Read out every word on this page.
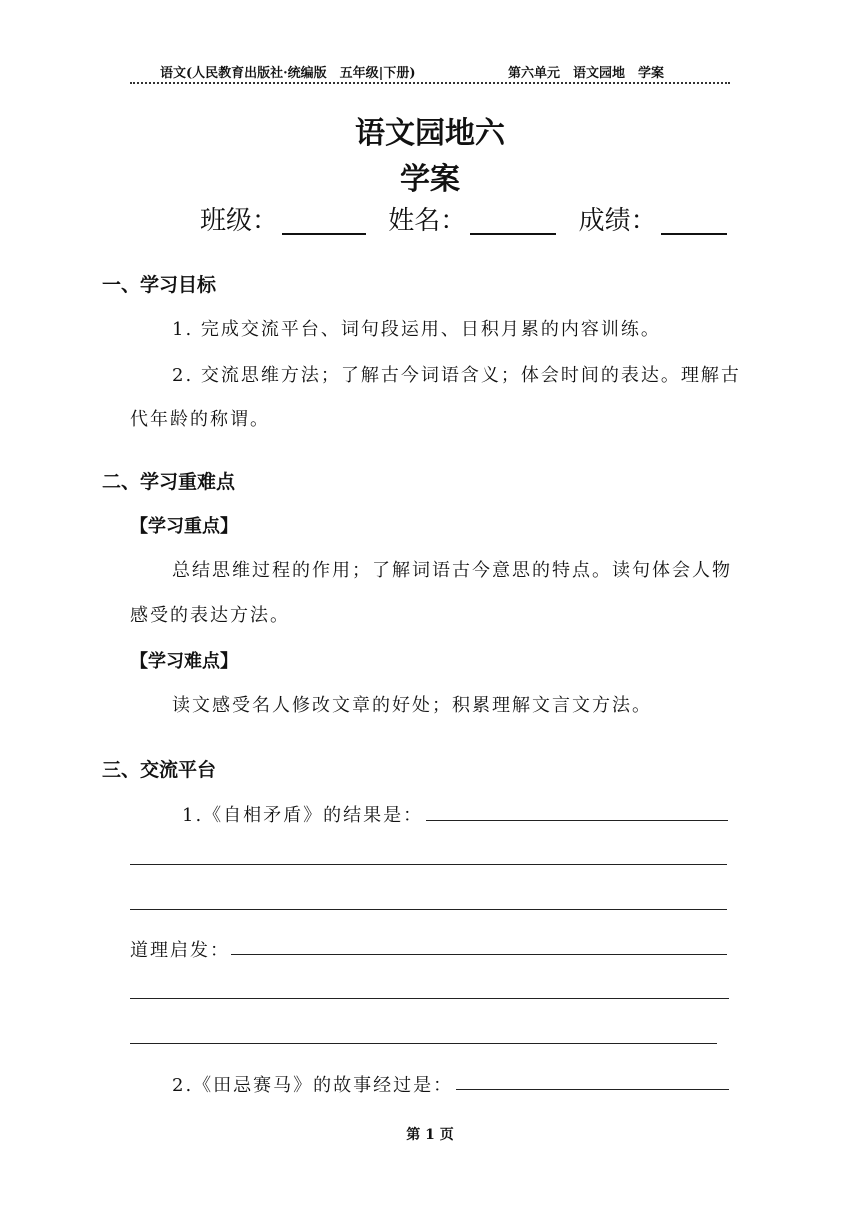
语文(人民教育出版社·统编版　五年级|下册)	第六单元　语文园地　学案
语文园地六
学案
班级：	姓名：	成绩：
一、学习目标
1. 完成交流平台、词句段运用、日积月累的内容训练。
2. 交流思维方法；了解古今词语含义；体会时间的表达。理解古
代年龄的称谓。
二、学习重难点
【学习重点】
总结思维过程的作用；了解词语古今意思的特点。读句体会人物
感受的表达方法。
【学习难点】
读文感受名人修改文章的好处；积累理解文言文方法。
三、交流平台
1.《自相矛盾》的结果是：
道理启发：
2.《田忌赛马》的故事经过是：
第 1 页
